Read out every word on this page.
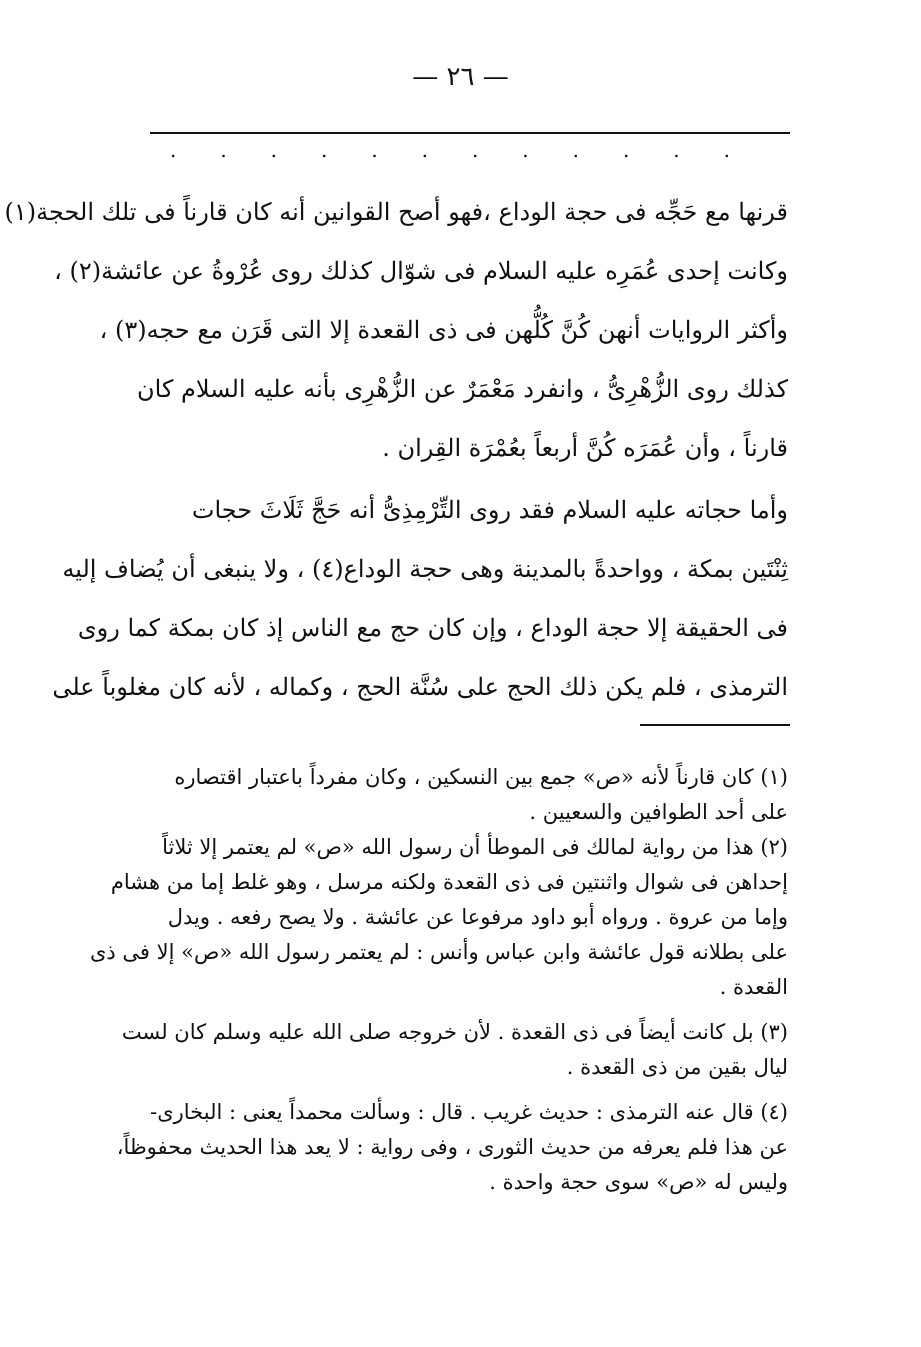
— ٢٦ —
. . . . . . . . . . . .
قرنها مع حَجِّه فى حجة الوداع ،فهو أصح القوانين أنه كان قارناً فى تلك الحجة(١)
وكانت إحدى عُمَرِه عليه السلام فى شوّال كذلك روى عُرْوةُ عن عائشة(٢) ،
وأكثر الروايات أنهن كُنَّ كُلُّهن فى ذى القعدة إلا التى قَرَن مع حجه(٣) ،
كذلك روى الزُّهْرِىُّ ، وانفرد مَعْمَرٌ عن الزُّهْرِى بأنه عليه السلام كان
قارناً ، وأن عُمَرَه كُنَّ أربعاً بعُمْرَة القِران .
وأما حجاته عليه السلام فقد روى التِّرْمِذِىُّ أنه حَجَّ ثَلَاثَ حجات
ثِنْتَين بمكة ، وواحدةً بالمدينة وهى حجة الوداع(٤) ، ولا ينبغى أن يُضاف إليه
فى الحقيقة إلا حجة الوداع ، وإن كان حج مع الناس إذ كان بمكة كما روى
الترمذى ، فلم يكن ذلك الحج على سُنَّة الحج ، وكماله ، لأنه كان مغلوباً على
(١) كان قارناً لأنه «ص» جمع بين النسكين ، وكان مفرداً باعتبار اقتصاره
على أحد الطوافين والسعيين .
(٢) هذا من رواية لمالك فى الموطأ أن رسول الله «ص» لم يعتمر إلا ثلاثاً
إحداهن فى شوال واثنتين فى ذى القعدة ولكنه مرسل ، وهو غلط إما من هشام
وإما من عروة . ورواه أبو داود مرفوعا عن عائشة . ولا يصح رفعه . ويدل
على بطلانه قول عائشة وابن عباس وأنس : لم يعتمر رسول الله «ص» إلا فى ذى
القعدة .
(٣) بل كانت أيضاً فى ذى القعدة . لأن خروجه صلى الله عليه وسلم كان لست
ليال بقين من ذى القعدة .
(٤) قال عنه الترمذى : حديث غريب . قال : وسألت محمداً يعنى : البخارى-
عن هذا فلم يعرفه من حديث الثورى ، وفى رواية : لا يعد هذا الحديث محفوظاً،
وليس له «ص» سوى حجة واحدة .
